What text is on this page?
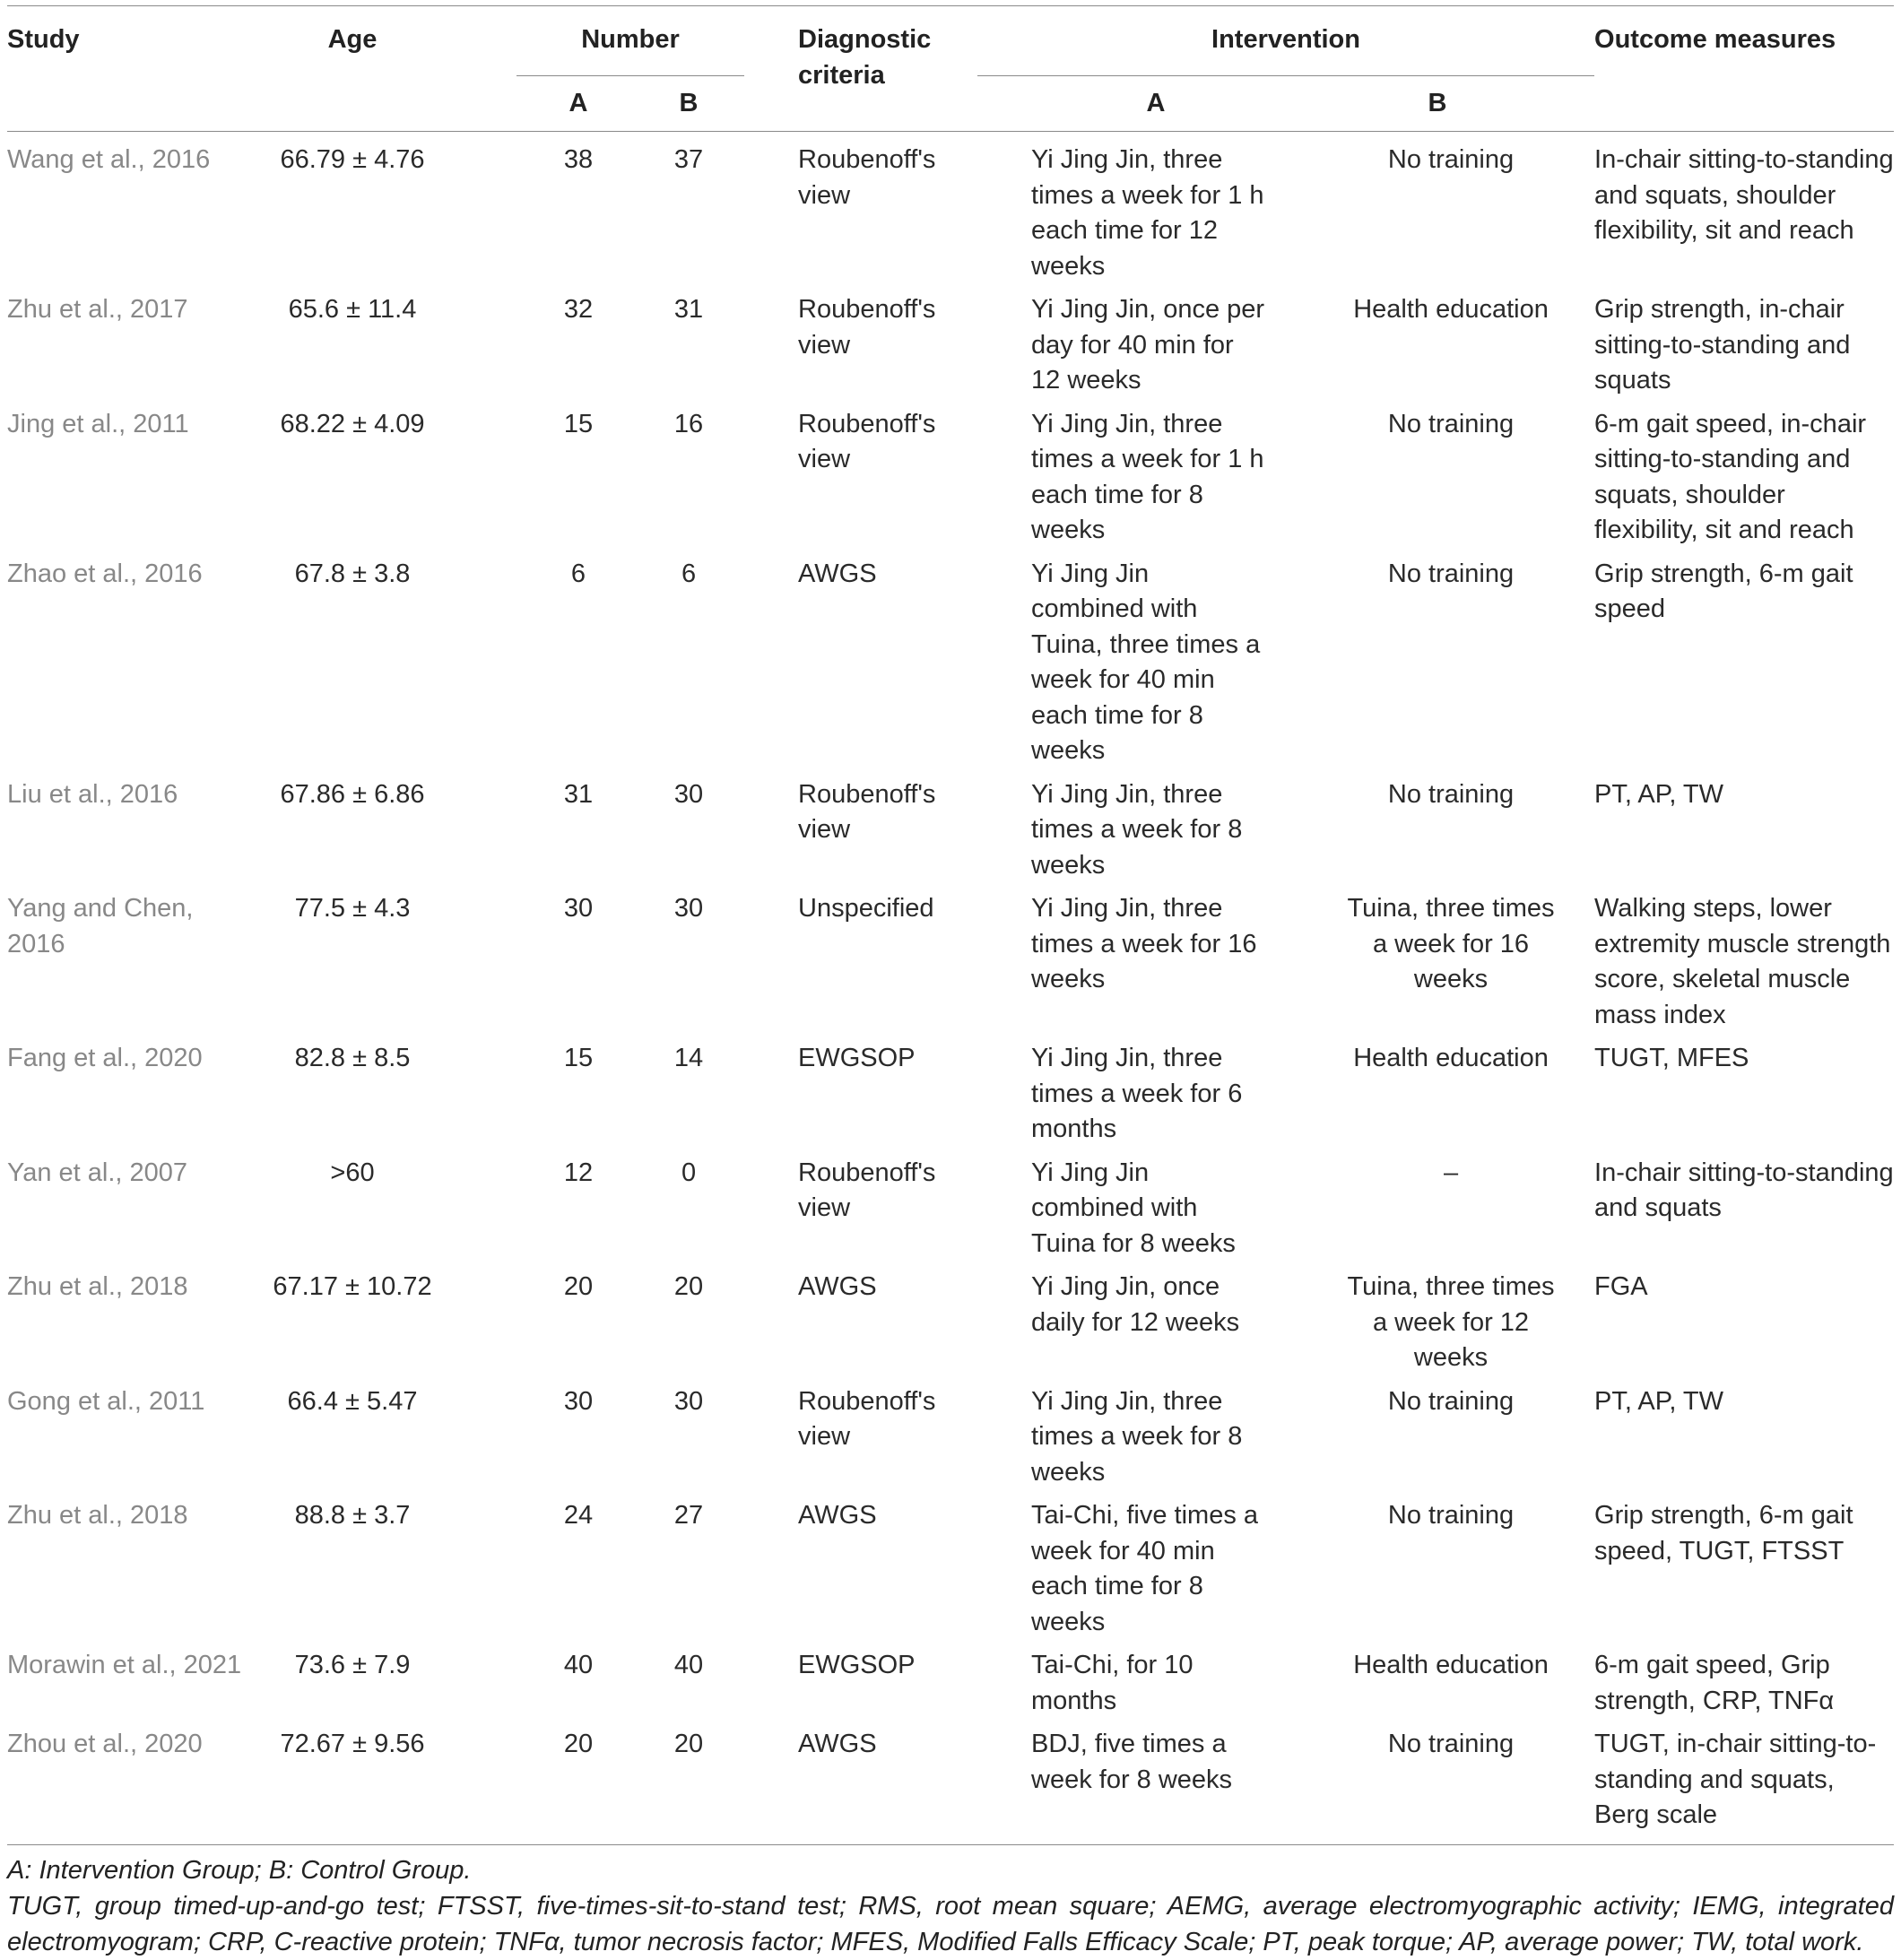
Study	Age	Number		Diagnostic criteria	Intervention		Outcome measures
		A	B		A	B	
Wang et al., 2016	66.79 ± 4.76	38	37	Roubenoff's view	Yi Jing Jin, three times a week for 1 h each time for 12 weeks	No training	In-chair sitting-to-standing and squats, shoulder flexibility, sit and reach
Zhu et al., 2017	65.6 ± 11.4	32	31	Roubenoff's view	Yi Jing Jin, once per day for 40 min for 12 weeks	Health education	Grip strength, in-chair sitting-to-standing and squats
Jing et al., 2011	68.22 ± 4.09	15	16	Roubenoff's view	Yi Jing Jin, three times a week for 1 h each time for 8 weeks	No training	6-m gait speed, in-chair sitting-to-standing and squats, shoulder flexibility, sit and reach
Zhao et al., 2016	67.8 ± 3.8	6	6	AWGS	Yi Jing Jin combined with Tuina, three times a week for 40 min each time for 8 weeks	No training	Grip strength, 6-m gait speed
Liu et al., 2016	67.86 ± 6.86	31	30	Roubenoff's view	Yi Jing Jin, three times a week for 8 weeks	No training	PT, AP, TW
Yang and Chen, 2016	77.5 ± 4.3	30	30	Unspecified	Yi Jing Jin, three times a week for 16 weeks	Tuina, three times a week for 16 weeks	Walking steps, lower extremity muscle strength score, skeletal muscle mass index
Fang et al., 2020	82.8 ± 8.5	15	14	EWGSOP	Yi Jing Jin, three times a week for 6 months	Health education	TUGT, MFES
Yan et al., 2007	>60	12	0	Roubenoff's view	Yi Jing Jin combined with Tuina for 8 weeks	–	In-chair sitting-to-standing and squats
Zhu et al., 2018	67.17 ± 10.72	20	20	AWGS	Yi Jing Jin, once daily for 12 weeks	Tuina, three times a week for 12 weeks	FGA
Gong et al., 2011	66.4 ± 5.47	30	30	Roubenoff's view	Yi Jing Jin, three times a week for 8 weeks	No training	PT, AP, TW
Zhu et al., 2018	88.8 ± 3.7	24	27	AWGS	Tai-Chi, five times a week for 40 min each time for 8 weeks	No training	Grip strength, 6-m gait speed, TUGT, FTSST
Morawin et al., 2021	73.6 ± 7.9	40	40	EWGSOP	Tai-Chi, for 10 months	Health education	6-m gait speed, Grip strength, CRP, TNFα
Zhou et al., 2020	72.67 ± 9.56	20	20	AWGS	BDJ, five times a week for 8 weeks	No training	TUGT, in-chair sitting-to-standing and squats, Berg scale

A: Intervention Group; B: Control Group.

TUGT, group timed-up-and-go test; FTSST, five-times-sit-to-stand test; RMS, root mean square; AEMG, average electromyographic activity; IEMG, integrated electromyogram; CRP, C-reactive protein; TNFα, tumor necrosis factor; MFES, Modified Falls Efficacy Scale; PT, peak torque; AP, average power; TW, total work.
